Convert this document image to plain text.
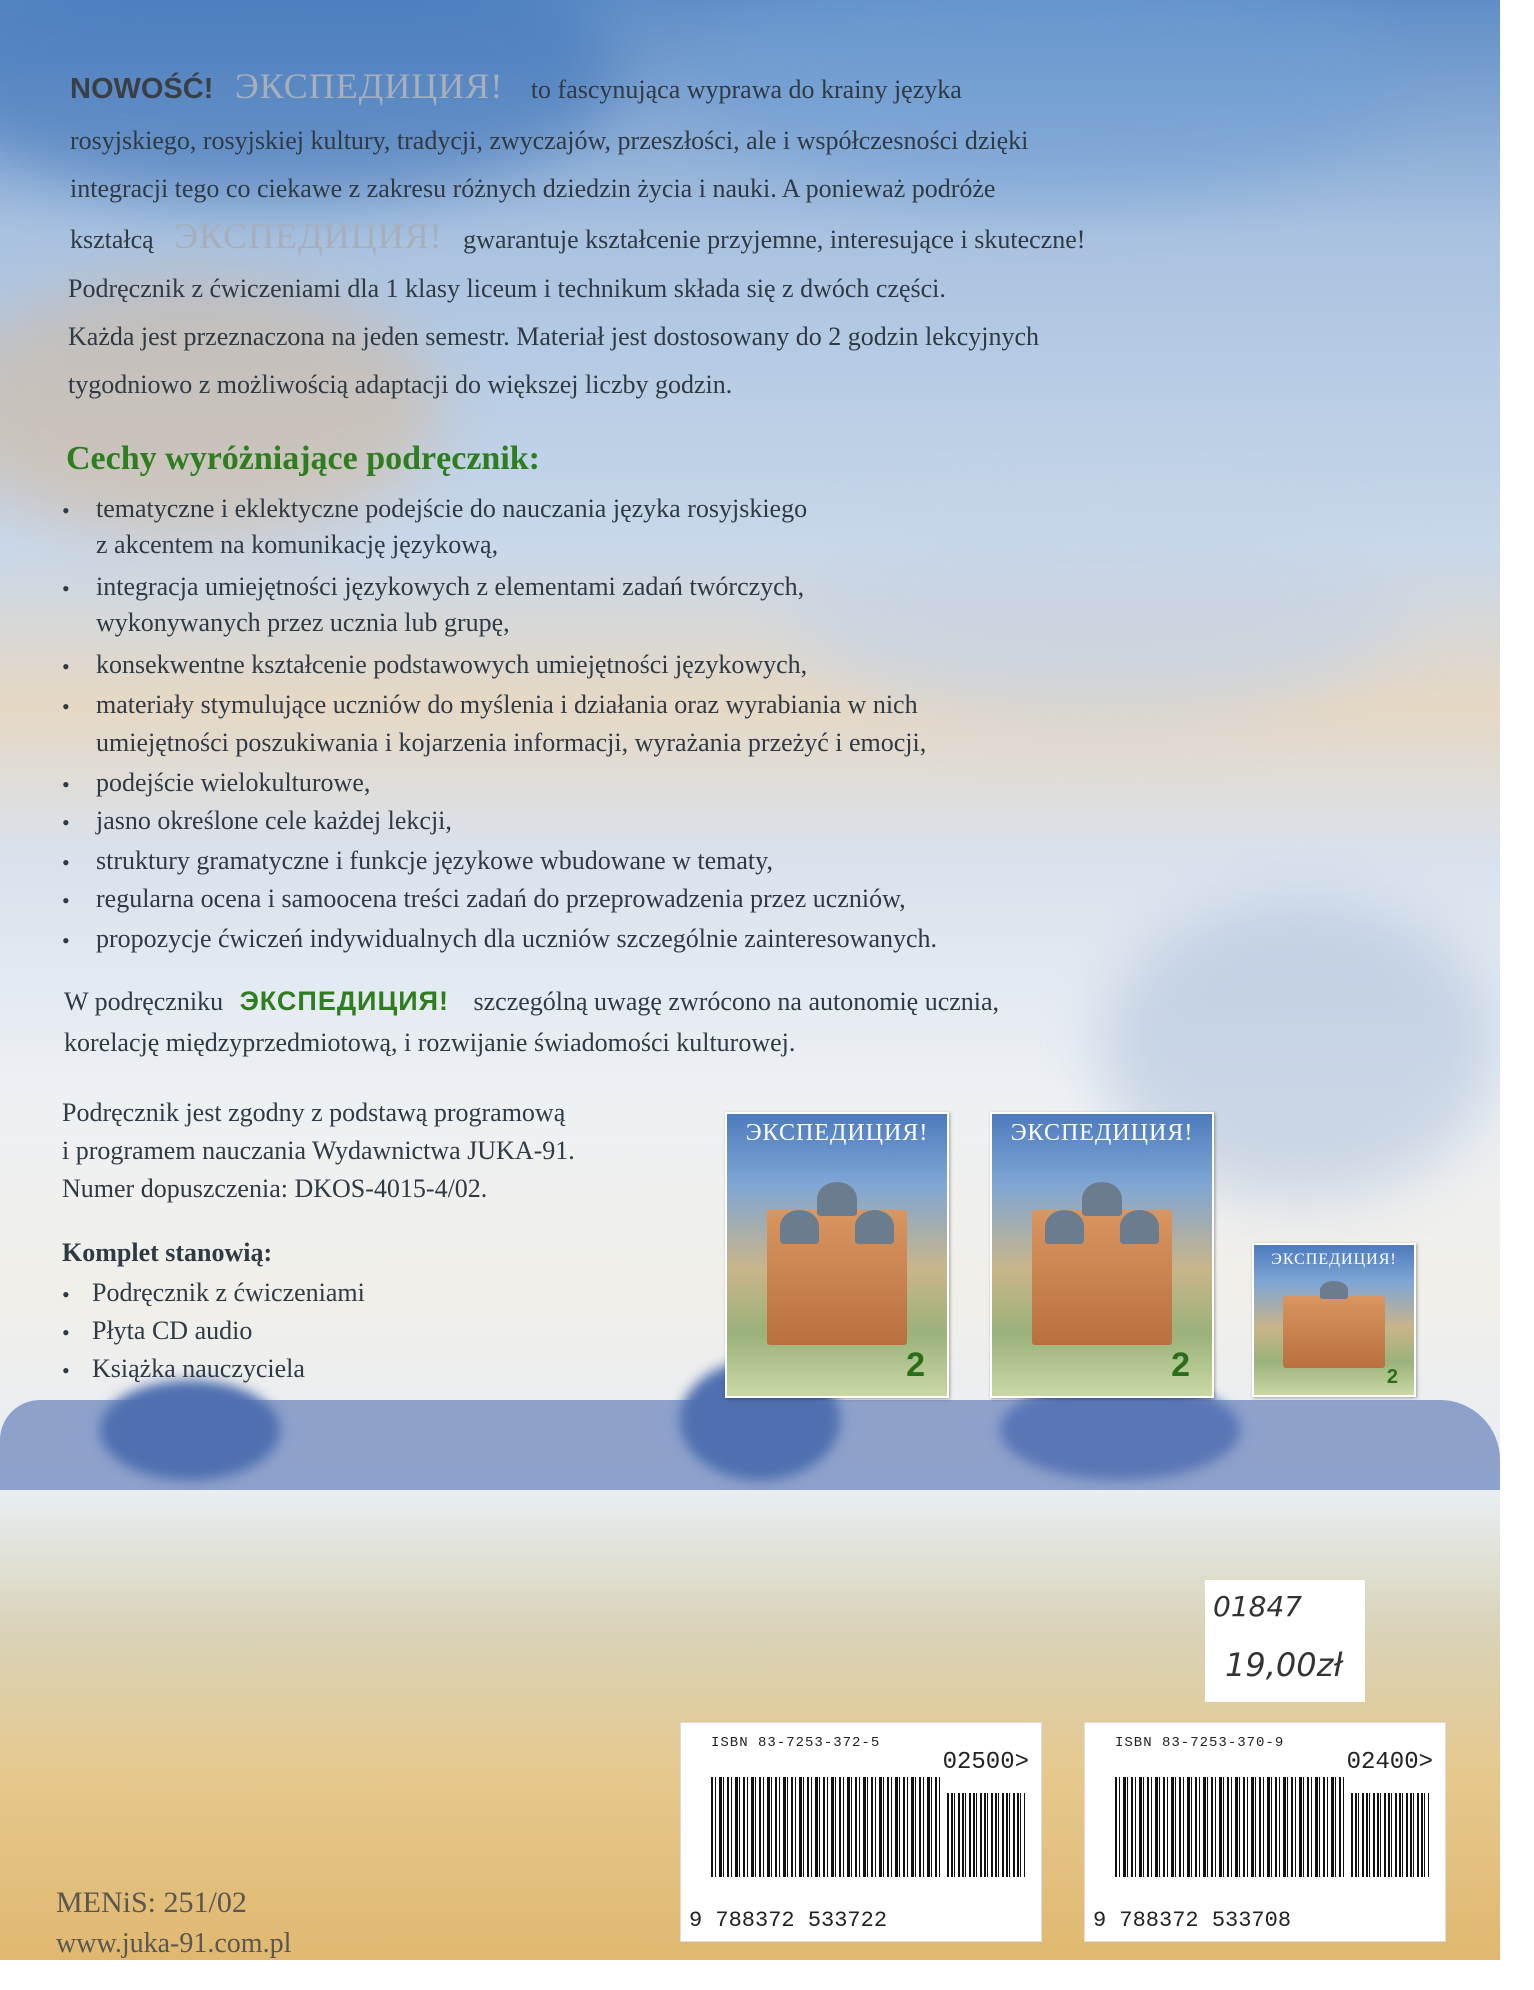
NOWOŚĆ! ЭКСПЕДИЦИЯ! to fascynująca wyprawa do krainy języka

rosyjskiego, rosyjskiej kultury, tradycji, zwyczajów, przeszłości, ale i współczesności dzięki

integracji tego co ciekawe z zakresu różnych dziedzin życia i nauki. A ponieważ podróże

kształcą ЭКСПЕДИЦИЯ! gwarantuje kształcenie przyjemne, interesujące i skuteczne!

Podręcznik z ćwiczeniami dla 1 klasy liceum i technikum składa się z dwóch części.

Każda jest przeznaczona na jeden semestr. Materiał jest dostosowany do 2 godzin lekcyjnych

tygodniowo z możliwością adaptacji do większej liczby godzin.

Cechy wyróżniające podręcznik:
• tematyczne i eklektyczne podejście do nauczania języka rosyjskiego

z akcentem na komunikację językową,

• integracja umiejętności językowych z elementami zadań twórczych,

wykonywanych przez ucznia lub grupę,

• konsekwentne kształcenie podstawowych umiejętności językowych,

• materiały stymulujące uczniów do myślenia i działania oraz wyrabiania w nich

umiejętności poszukiwania i kojarzenia informacji, wyrażania przeżyć i emocji,

• podejście wielokulturowe,

• jasno określone cele każdej lekcji,

• struktury gramatyczne i funkcje językowe wbudowane w tematy,

• regularna ocena i samoocena treści zadań do przeprowadzenia przez uczniów,

• propozycje ćwiczeń indywidualnych dla uczniów szczególnie zainteresowanych.

W podręczniku ЭКСПЕДИЦИЯ! szczególną uwagę zwrócono na autonomię ucznia,

korelację międzyprzedmiotową, i rozwijanie świadomości kulturowej.

Podręcznik jest zgodny z podstawą programową

i programem nauczania Wydawnictwa JUKA-91.

Numer dopuszczenia: DKOS-4015-4/02.

Komplet stanowią:
• Podręcznik z ćwiczeniami

• Płyta CD audio

• Książka nauczyciela

ЭКСПЕДИЦИЯ!
2
ЭКСПЕДИЦИЯ!
2
ЭКСПЕДИЦИЯ!
2
01847
19,00zł
ISBN 83-7253-372-5
02500>
9 788372 533722
ISBN 83-7253-370-9
02400>
9 788372 533708

MENiS: 251/02

www.juka-91.com.pl
